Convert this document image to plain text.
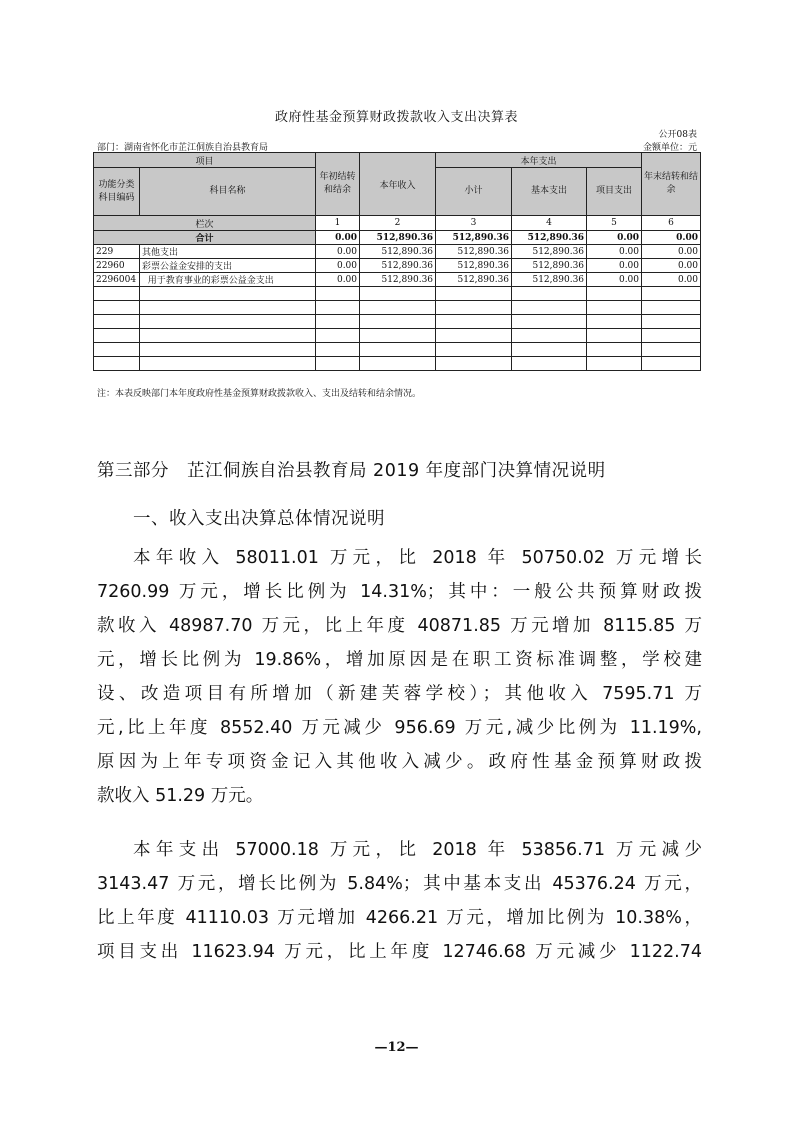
政府性基金预算财政拨款收入支出决算表
公开08表
部门：湖南省怀化市芷江侗族自治县教育局	金额单位：元
项目		年初结转和结余	本年收入	本年支出			年末结转和结余
功能分类科目编码	科目名称			小计	基本支出	项目支出	
栏次		1	2	3	4	5	6
合计		0.00	512,890.36	512,890.36	512,890.36	0.00	0.00
229	其他支出	0.00	512,890.36	512,890.36	512,890.36	0.00	0.00
22960	彩票公益金安排的支出	0.00	512,890.36	512,890.36	512,890.36	0.00	0.00
2296004	用于教育事业的彩票公益金支出	0.00	512,890.36	512,890.36	512,890.36	0.00	0.00

注：本表反映部门本年度政府性基金预算财政拨款收入、支出及结转和结余情况。
第三部分　芷江侗族自治县教育局 2019 年度部门决算情况说明
一、收入支出决算总体情况说明
本年收入 58011.01 万元，比 2018 年 50750.02 万元增长
7260.99 万元，增长比例为 14.31%；其中：一般公共预算财政拨
款收入 48987.70 万元，比上年度 40871.85 万元增加 8115.85 万
元，增长比例为 19.86%，增加原因是在职工资标准调整，学校建
设、改造项目有所增加（新建芙蓉学校）；其他收入 7595.71 万
元,比上年度 8552.40 万元减少 956.69 万元,减少比例为 11.19%,
原因为上年专项资金记入其他收入减少。政府性基金预算财政拨
款收入 51.29 万元。
本年支出 57000.18 万元，比 2018 年 53856.71 万元减少
3143.47 万元，增长比例为 5.84%；其中基本支出 45376.24 万元，
比上年度 41110.03 万元增加 4266.21 万元，增加比例为 10.38%，
项目支出 11623.94 万元，比上年度 12746.68 万元减少 1122.74
—12—
